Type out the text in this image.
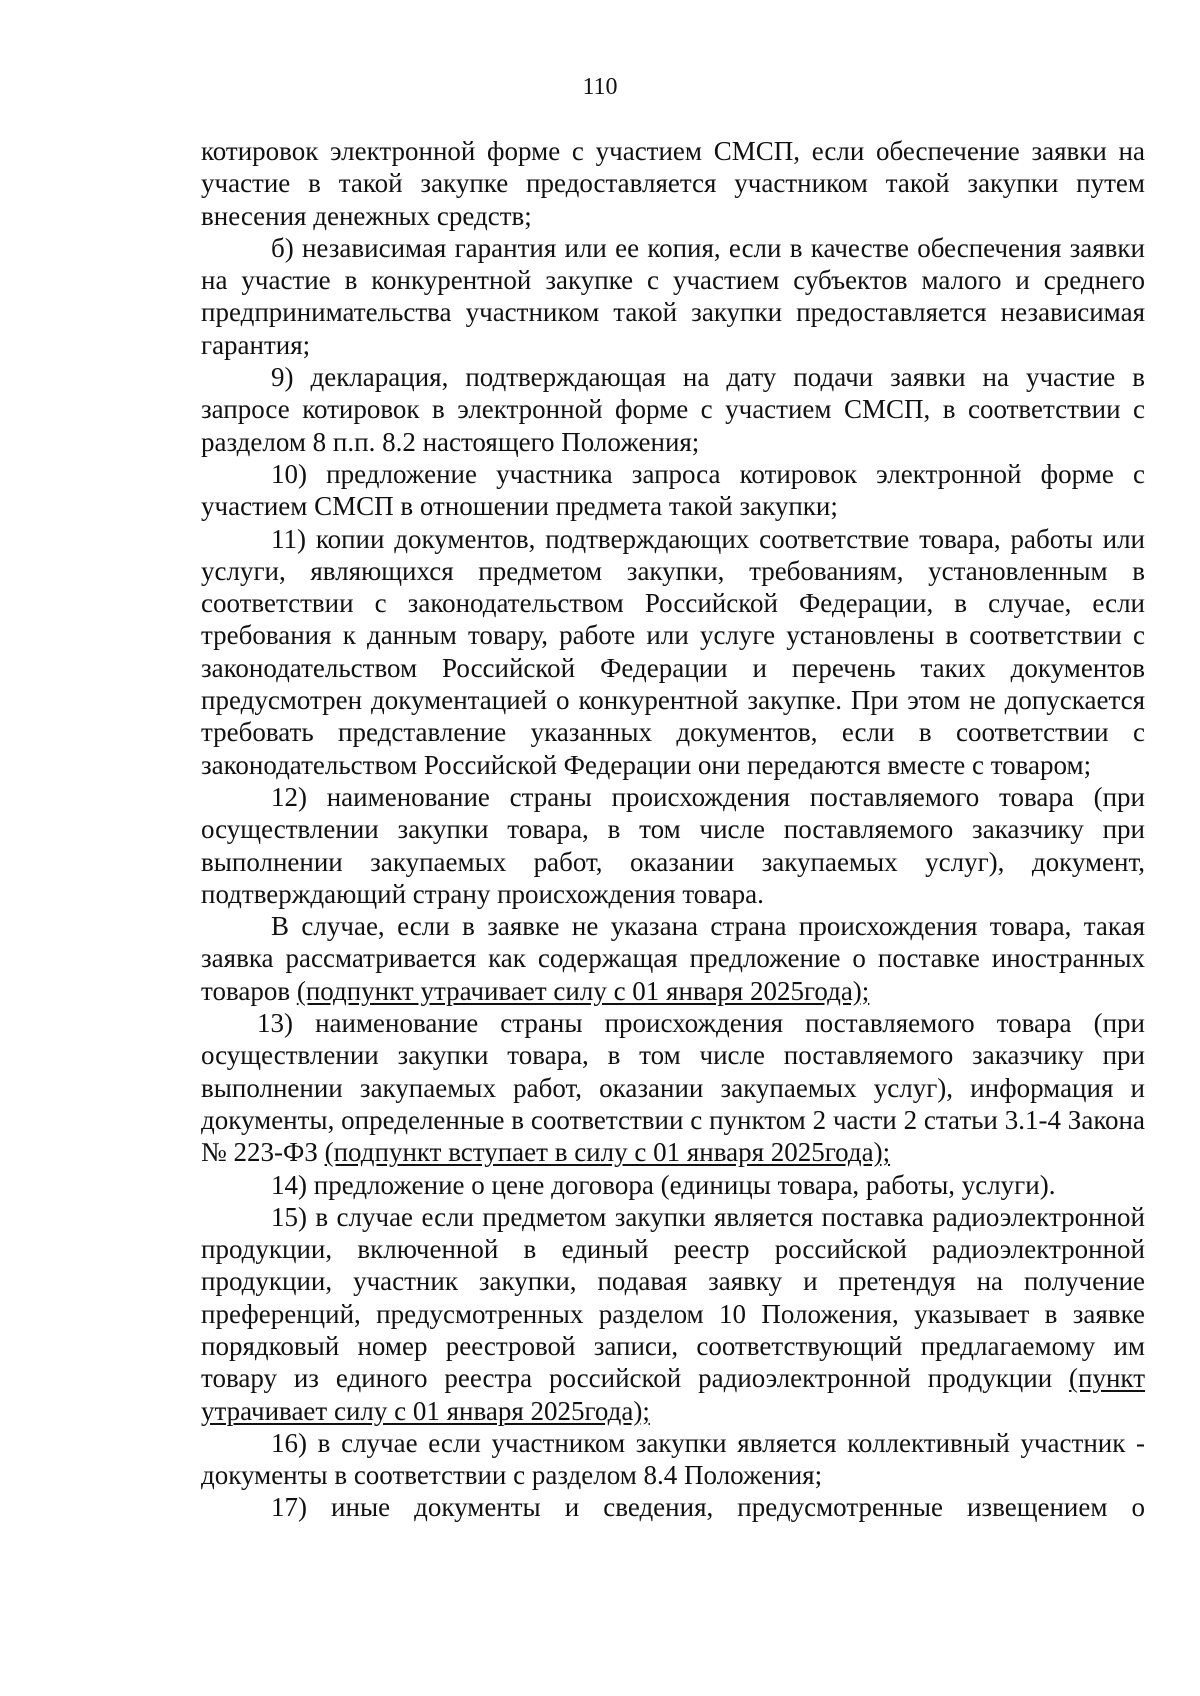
110

котировок электронной форме с участием СМСП, если обеспечение заявки на участие в такой закупке предоставляется участником такой закупки путем внесения денежных средств;

б) независимая гарантия или ее копия, если в качестве обеспечения заявки на участие в конкурентной закупке с участием субъектов малого и среднего предпринимательства участником такой закупки предоставляется независимая гарантия;

9) декларация, подтверждающая на дату подачи заявки на участие в запросе котировок в электронной форме с участием СМСП, в соответствии с разделом 8 п.п. 8.2 настоящего Положения;

10) предложение участника запроса котировок электронной форме с участием СМСП в отношении предмета такой закупки;

11) копии документов, подтверждающих соответствие товара, работы или услуги, являющихся предметом закупки, требованиям, установленным в соответствии с законодательством Российской Федерации, в случае, если требования к данным товару, работе или услуге установлены в соответствии с законодательством Российской Федерации и перечень таких документов предусмотрен документацией о конкурентной закупке. При этом не допускается требовать представление указанных документов, если в соответствии с законодательством Российской Федерации они передаются вместе с товаром;

12) наименование страны происхождения поставляемого товара (при осуществлении закупки товара, в том числе поставляемого заказчику при выполнении закупаемых работ, оказании закупаемых услуг), документ, подтверждающий страну происхождения товара.

В случае, если в заявке не указана страна происхождения товара, такая заявка рассматривается как содержащая предложение о поставке иностранных товаров (подпункт утрачивает силу с 01 января 2025года);

13) наименование страны происхождения поставляемого товара (при осуществлении закупки товара, в том числе поставляемого заказчику при выполнении закупаемых работ, оказании закупаемых услуг), информация и документы, определенные в соответствии с пунктом 2 части 2 статьи 3.1-4 Закона № 223-ФЗ (подпункт вступает в силу с 01 января 2025года);

14) предложение о цене договора (единицы товара, работы, услуги).

15) в случае если предметом закупки является поставка радиоэлектронной продукции, включенной в единый реестр российской радиоэлектронной продукции, участник закупки, подавая заявку и претендуя на получение преференций, предусмотренных разделом 10 Положения, указывает в заявке порядковый номер реестровой записи, соответствующий предлагаемому им товару из единого реестра российской радиоэлектронной продукции (пункт утрачивает силу с 01 января 2025года);

16) в случае если участником закупки является коллективный участник - документы в соответствии с разделом 8.4 Положения;

17) иные документы и сведения, предусмотренные извещением о
